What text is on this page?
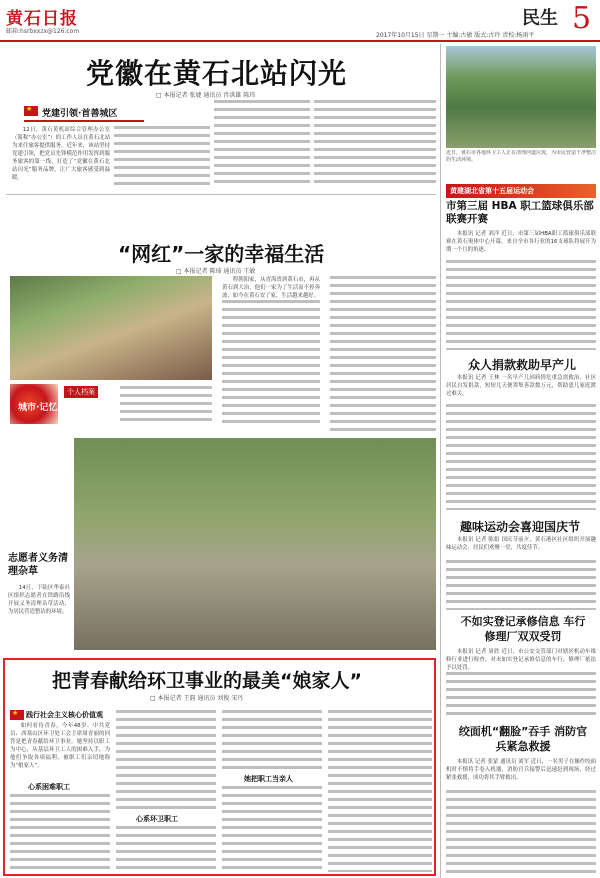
黄石日报
邮箱:hsrbxxzx@126.com
2017年10月15日 星期一 主编:古敏 版式:古玲 责校:杨雨平
民生 5
党徽在黄石北站闪光
□ 本报记者 张婕 通讯员 肖洪雄 陈玮
★
党建引领·首善城区

12日，黄石黄机站综合管理办公室（简称“办公室”）的工作人员在黄石北站为来往旅客提供服务。近年来，该站坚持党建引领，把党员先锋模范作用发挥到服务旅客的第一线，打造了“党徽在黄石北站闪光”服务品牌，让广大旅客感受到温暖。

“网红”一家的幸福生活
□ 本报记者 陈琦 通讯员 王敏
城市·记忆
个人档案

程朝阳家，从青海省到黄石市，再从黄石到大冶，他们一家为了生活而不停奔波，如今在黄石安了家，生活越来越好。

志愿者义务清理杂草

14日，下陆区华泰社区组织志愿者在铁路沿线开展义务清理杂草活动，为居民营造整洁的环境。

把青春献给环卫事业的最美“娘家人”
□ 本报记者 王韵 通讯员 刘俊 宋丹
★
践行社会主义核心价值观

如何看待青春，今年48岁、中共党员、西塞山区环卫处工会主席周青丽的回答是把青春献给环卫事业。她坚持以职工为中心，从基层环卫工人的困难入手，为他们争取各项福利，被职工们亲切地称为“娘家人”。

心系困难职工
心系环卫职工
她把职工当亲人
近日，黄石市各地环卫工人正在清理河道垃圾，为市民营造干净整洁的生活环境。
黄建湖北省第十五届运动会
市第三届 HBA 职工篮球俱乐部联赛开赛

本报讯 记者 刘洋 近日，市第三届HBA职工篮球俱乐部联赛在黄石奥体中心开幕，来自全市各行业的16支球队将展开为期一个月的角逐。

众人捐款救助早产儿

本报讯 记者 王林 一名早产儿因病情危重急需救治，社区居民自发捐款，短短几天便筹集善款数万元，帮助患儿家庭渡过难关。

趣味运动会喜迎国庆节

本报讯 记者 陈娟 国庆节前夕，黄石港区社区组织开展趣味运动会，居民们欢聚一堂，共度佳节。

不如实登记承修信息 车行修理厂双双受罚

本报讯 记者 周欣 近日，市公安交管部门对辖区机动车维修行业进行检查，对未如实登记承修信息的车行、修理厂依法予以处罚。

绞面机“翻脸”吞手 消防官兵紧急救援

本报讯 记者 张蒙 通讯员 刘军 近日，一名男子在操作绞面机时不慎将手卷入机器，消防官兵接警后迅速赶到现场，经过紧张救援，成功将其手臂救出。
